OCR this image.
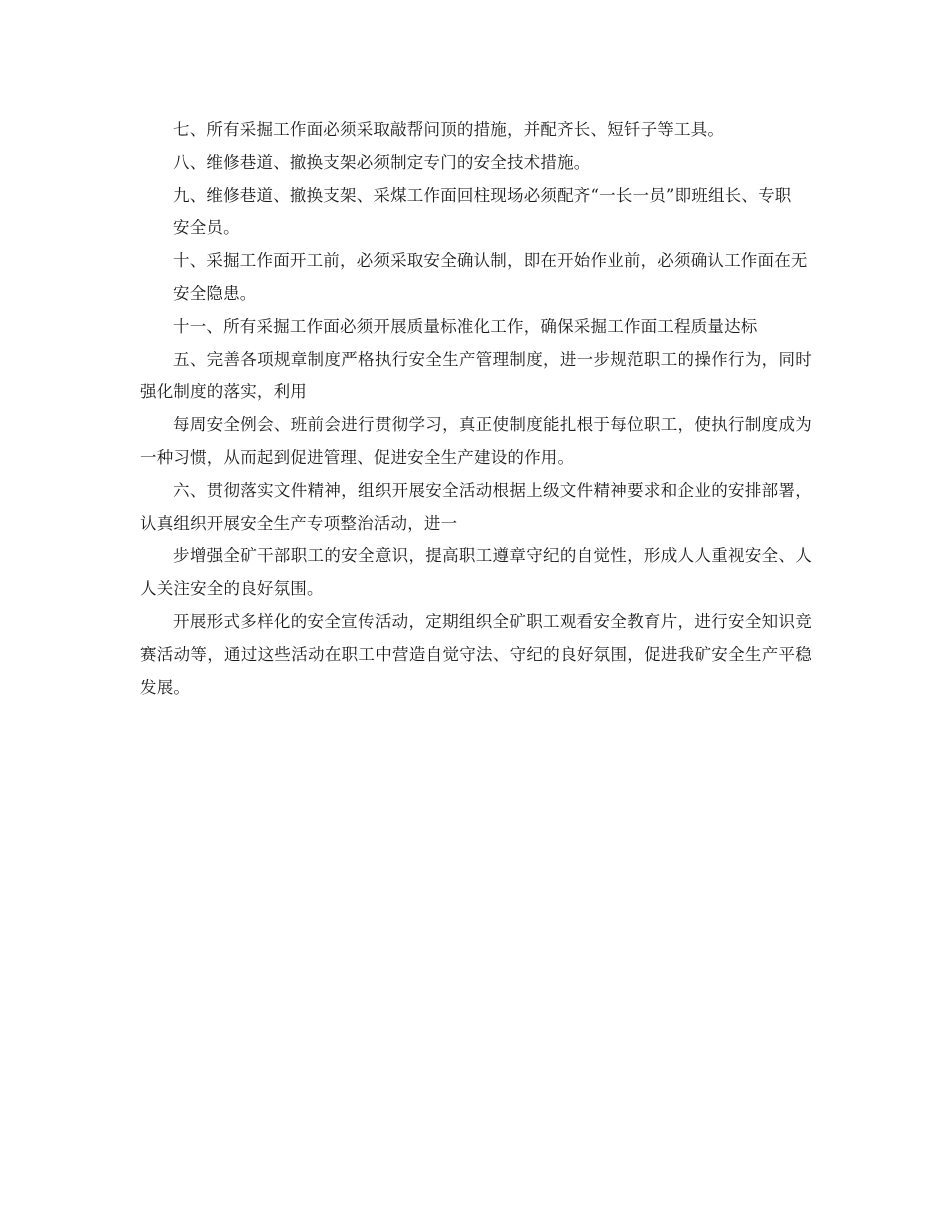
七、所有采掘工作面必须采取敲帮问顶的措施，并配齐长、短钎子等工具。

八、维修巷道、撤换支架必须制定专门的安全技术措施。

九、维修巷道、撤换支架、采煤工作面回柱现场必须配齐“一长一员”即班组长、专职

安全员。

十、采掘工作面开工前，必须采取安全确认制，即在开始作业前，必须确认工作面在无

安全隐患。

十一、所有采掘工作面必须开展质量标准化工作，确保采掘工作面工程质量达标

五、完善各项规章制度严格执行安全生产管理制度，进一步规范职工的操作行为，同时强化制度的落实，利用

每周安全例会、班前会进行贯彻学习，真正使制度能扎根于每位职工，使执行制度成为一种习惯，从而起到促进管理、促进安全生产建设的作用。

六、贯彻落实文件精神，组织开展安全活动根据上级文件精神要求和企业的安排部署，认真组织开展安全生产专项整治活动，进一

步增强全矿干部职工的安全意识，提高职工遵章守纪的自觉性，形成人人重视安全、人人关注安全的良好氛围。

开展形式多样化的安全宣传活动，定期组织全矿职工观看安全教育片，进行安全知识竞赛活动等，通过这些活动在职工中营造自觉守法、守纪的良好氛围，促进我矿安全生产平稳发展。
